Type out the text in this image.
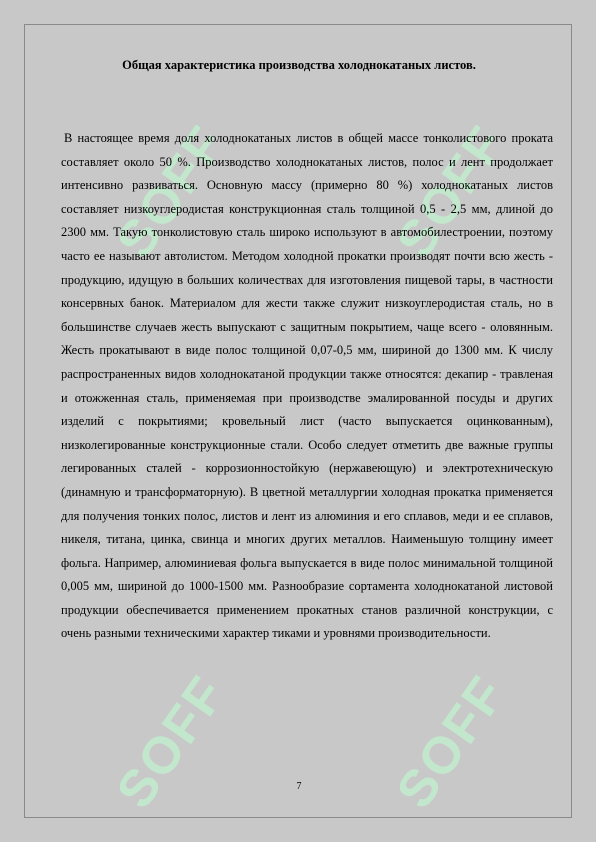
SOFF	SOFF
SOFF	SOFF
Общая характеристика производства холоднокатаных листов.

В настоящее время доля холоднокатаных листов в общей массе тонколистового проката составляет около 50 %. Производство холоднокатаных листов, полос и лент продолжает интенсивно развиваться. Основную массу (примерно 80 %) холоднокатаных листов составляет низкоуглеродистая конструкционная сталь толщиной 0,5 - 2,5 мм, длиной до 2300 мм. Такую тонколистовую сталь широко используют в автомобилестроении, поэтому часто ее называют автолистом. Методом холодной прокатки производят почти всю жесть - продукцию, идущую в больших количествах для изготовления пищевой тары, в частности консервных банок. Материалом для жести также служит низкоуглеродистая сталь, но в большинстве случаев жесть выпускают с защитным покрытием, чаще всего - оловянным. Жесть прокатывают в виде полос толщиной 0,07-0,5 мм, шириной до 1300 мм. К числу распространенных видов холоднокатаной продукции также относятся: декапир - травленая и отожженная сталь, применяемая при производстве эмалированной посуды и других изделий с покрытиями; кровельный лист (часто выпускается оцинкованным), низколегированные конструкционные стали. Особо следует отметить две важные группы легированных сталей - коррозионностойкую (нержавеющую) и электротехническую (динамную и трансформаторную). В цветной металлургии холодная прокатка применяется для получения тонких полос, листов и лент из алюминия и его сплавов, меди и ее сплавов, никеля, титана, цинка, свинца и многих других металлов. Наименьшую толщину имеет фольга. Например, алюминиевая фольга выпускается в виде полос минимальной толщиной 0,005 мм, шириной до 1000-1500 мм. Разнообразие сортамента холоднокатаной листовой продукции обеспечивается применением прокатных станов различной конструкции, с очень разными техническими характер тиками и уровнями производительности.

7
